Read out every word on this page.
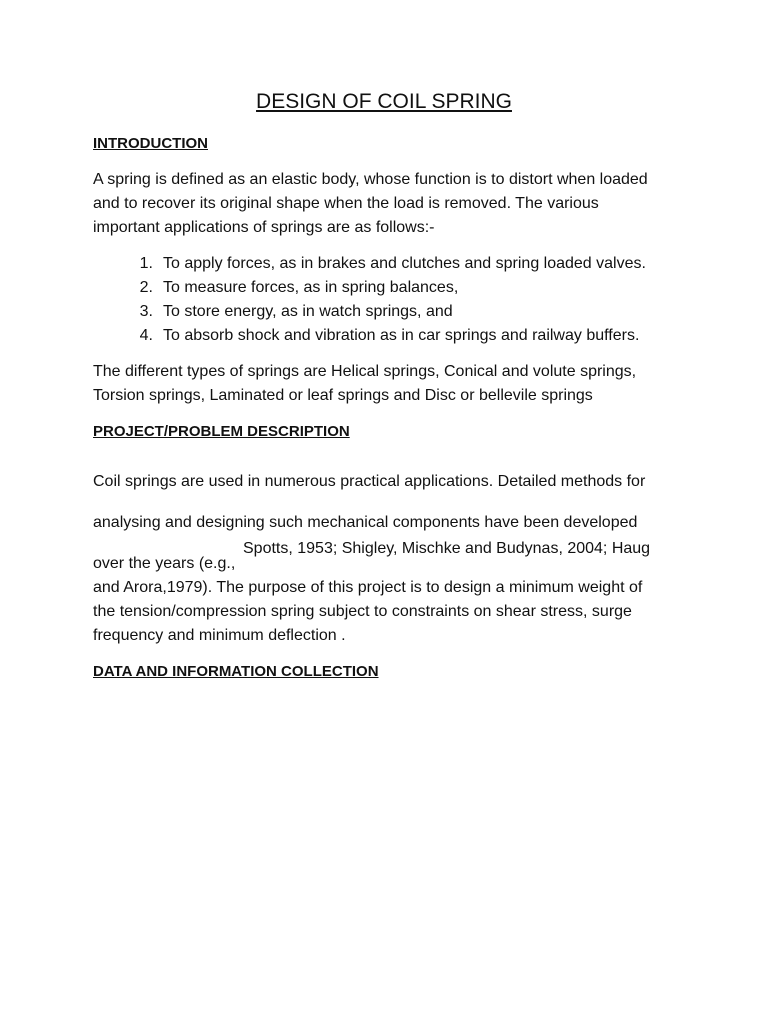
DESIGN OF COIL SPRING
INTRODUCTION
A spring is defined as an elastic body, whose function is to distort when loaded
and to recover its original shape when the load is removed. The various
important applications of springs are as follows:-
1. To apply forces, as in brakes and clutches and spring loaded valves.
2. To measure forces, as in spring balances,
3. To store energy, as in watch springs, and
4. To absorb shock and vibration as in car springs and railway buffers.
The different types of springs are Helical springs, Conical and volute springs,
Torsion springs, Laminated or leaf springs and Disc or bellevile springs
PROJECT/PROBLEM DESCRIPTION
Coil springs are used in numerous practical applications. Detailed methods for
analysing and designing such mechanical components have been developed
Spotts, 1953; Shigley, Mischke and Budynas, 2004; Haug
over the years (e.g.,
and Arora,1979). The purpose of this project is to design a minimum weight of
the tension/compression spring subject to constraints on shear stress, surge
frequency and minimum deflection .
DATA AND INFORMATION COLLECTION
